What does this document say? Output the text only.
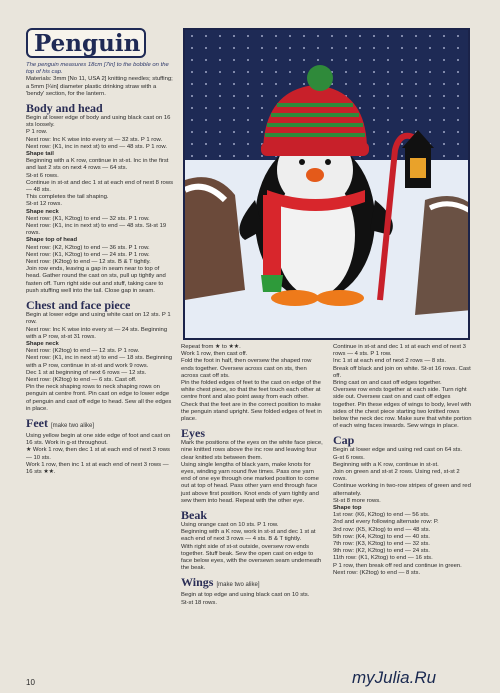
Penguin

The penguin measures 18cm [7in] to the bobble on the top of his cap.

Materials: 3mm [No 11, USA 2] knitting needles; stuffing; a 5mm [¼in] diameter plastic drinking straw with a 'bendy' section, for the lantern.

Body and head

Begin at lower edge of body and using black cast on 16 sts loosely.

P 1 row.

Next row: Inc K wise into every st — 32 sts. P 1 row.

Next row: (K1, inc in next st) to end — 48 sts. P 1 row.

Shape tail

Beginning with a K row, continue in st-st. Inc in the first and last 2 sts on next 4 rows — 64 sts.

St-st 6 rows.

Continue in st-st and dec 1 st at each end of next 8 rows — 48 sts.

This completes the tail shaping.

St-st 12 rows.

Shape neck

Next row: (K1, K2tog) to end — 32 sts. P 1 row.

Next row: (K1, inc in next st) to end — 48 sts. St-st 19 rows.

Shape top of head

Next row: (K2, K2tog) to end — 36 sts. P 1 row.

Next row: (K1, K2tog) to end — 24 sts. P 1 row.

Next row: (K2tog) to end — 12 sts. B & T tightly.

Join row ends, leaving a gap in seam near to top of head. Gather round the cast on sts, pull up tightly and fasten off. Turn right side out and stuff, taking care to push stuffing well into the tail. Close gap in seam.

Chest and face piece

Begin at lower edge and using white cast on 12 sts. P 1 row.

Next row: Inc K wise into every st — 24 sts. Beginning with a P row, st-st 31 rows.

Shape neck

Next row: (K2tog) to end — 12 sts. P 1 row.

Next row: (K1, inc in next st) to end — 18 sts. Beginning with a P row, continue in st-st and work 9 rows.

Dec 1 st at beginning of next 6 rows — 12 sts.

Next row: (K2tog) to end — 6 sts. Cast off.

Pin the neck shaping rows to neck shaping rows on penguin at centre front. Pin cast on edge to lower edge of penguin and cast off edge to head. Sew all the edges in place.

Feet [make two alike]

Using yellow begin at one side edge of foot and cast on 16 sts. Work in g-st throughout.

★ Work 1 row, then dec 1 st at each end of next 3 rows — 10 sts.

Work 1 row, then inc 1 st at each end of next 3 rows — 16 sts ★★.

Repeat from ★ to ★★.

Work 1 row, then cast off.

Fold the foot in half, then oversew the shaped row ends together. Oversew across cast on sts, then across cast off sts.

Pin the folded edges of feet to the cast on edge of the white chest piece, so that the feet touch each other at centre front and also point away from each other. Check that the feet are in the correct position to make the penguin stand upright. Sew folded edges of feet in place.

Eyes

Mark the positions of the eyes on the white face piece, nine knitted rows above the inc row and leaving four clear knitted sts between them.

Using single lengths of black yarn, make knots for eyes, winding yarn round five times. Pass one yarn end of one eye through one marked position to come out at top of head. Pass other yarn end through face just above first position. Knot ends of yarn tightly and sew them into head. Repeat with the other eye.

Beak

Using orange cast on 10 sts. P 1 row.

Beginning with a K row, work in st-st and dec 1 st at each end of next 3 rows — 4 sts. B & T tightly.

With right side of st-st outside, oversew row ends together. Stuff beak. Sew the open cast on edge to face below eyes, with the oversewn seam underneath the beak.

Wings [make two alike]

Begin at top edge and using black cast on 10 sts.

St-st 18 rows.

Continue in st-st and dec 1 st at each end of next 3 rows — 4 sts. P 1 row.

Inc 1 st at each end of next 2 rows — 8 sts.

Break off black and join on white. St-st 16 rows. Cast off.

Bring cast on and cast off edges together.

Oversew row ends together at each side. Turn right side out. Oversew cast on and cast off edges together. Pin these edges of wings to body, level with sides of the chest piece starting two knitted rows below the neck dec row. Make sure that white portion of each wing faces inwards. Sew wings in place.

Cap

Begin at lower edge and using red cast on 64 sts.

G-st 6 rows.

Beginning with a K row, continue in st-st.

Join on green and st-st 2 rows. Using red, st-st 2 rows.

Continue working in two-row stripes of green and red alternately.

St-st 8 more rows.

Shape top

1st row: (K6, K2tog) to end — 56 sts.

2nd and every following alternate row: P.

3rd row: (K5, K2tog) to end — 48 sts.

5th row: (K4, K2tog) to end — 40 sts.

7th row: (K3, K2tog) to end — 32 sts.

9th row: (K2, K2tog) to end — 24 sts.

11th row: (K1, K2tog) to end — 16 sts.

P 1 row, then break off red and continue in green.

Next row: (K2tog) to end — 8 sts.

10	myJulia.Ru
